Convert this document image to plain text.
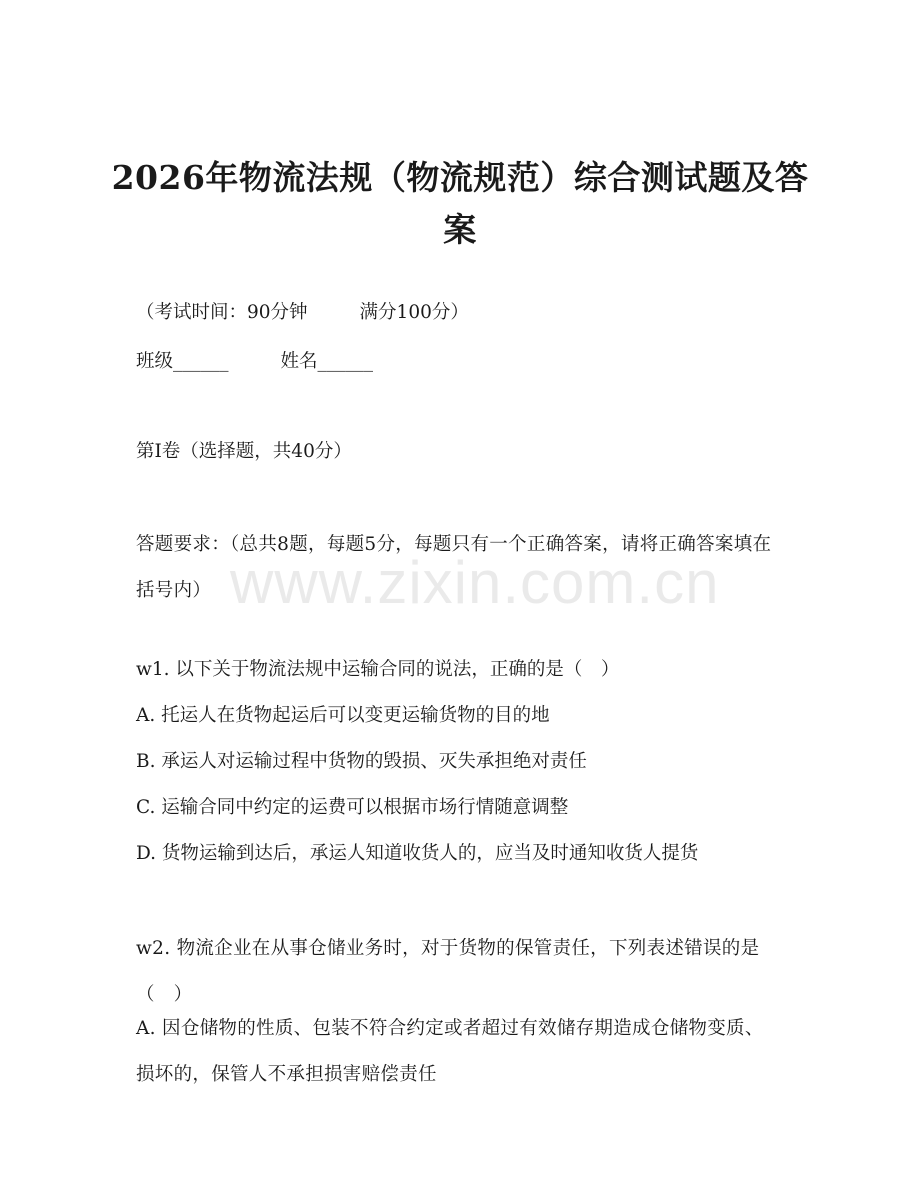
2026年物流法规（物流规范）综合测试题及答案
（考试时间：90分钟	满分100分）
班级______	姓名______
第I卷（选择题，共40分）
答题要求：（总共8题，每题5分，每题只有一个正确答案，请将正确答案填在括号内）
w1. 以下关于物流法规中运输合同的说法，正确的是（　）
A. 托运人在货物起运后可以变更运输货物的目的地
B. 承运人对运输过程中货物的毁损、灭失承担绝对责任
C. 运输合同中约定的运费可以根据市场行情随意调整
D. 货物运输到达后，承运人知道收货人的，应当及时通知收货人提货
w2. 物流企业在从事仓储业务时，对于货物的保管责任，下列表述错误的是（　）
A. 因仓储物的性质、包装不符合约定或者超过有效储存期造成仓储物变质、损坏的，保管人不承担损害赔偿责任
www.zixin.com.cn
